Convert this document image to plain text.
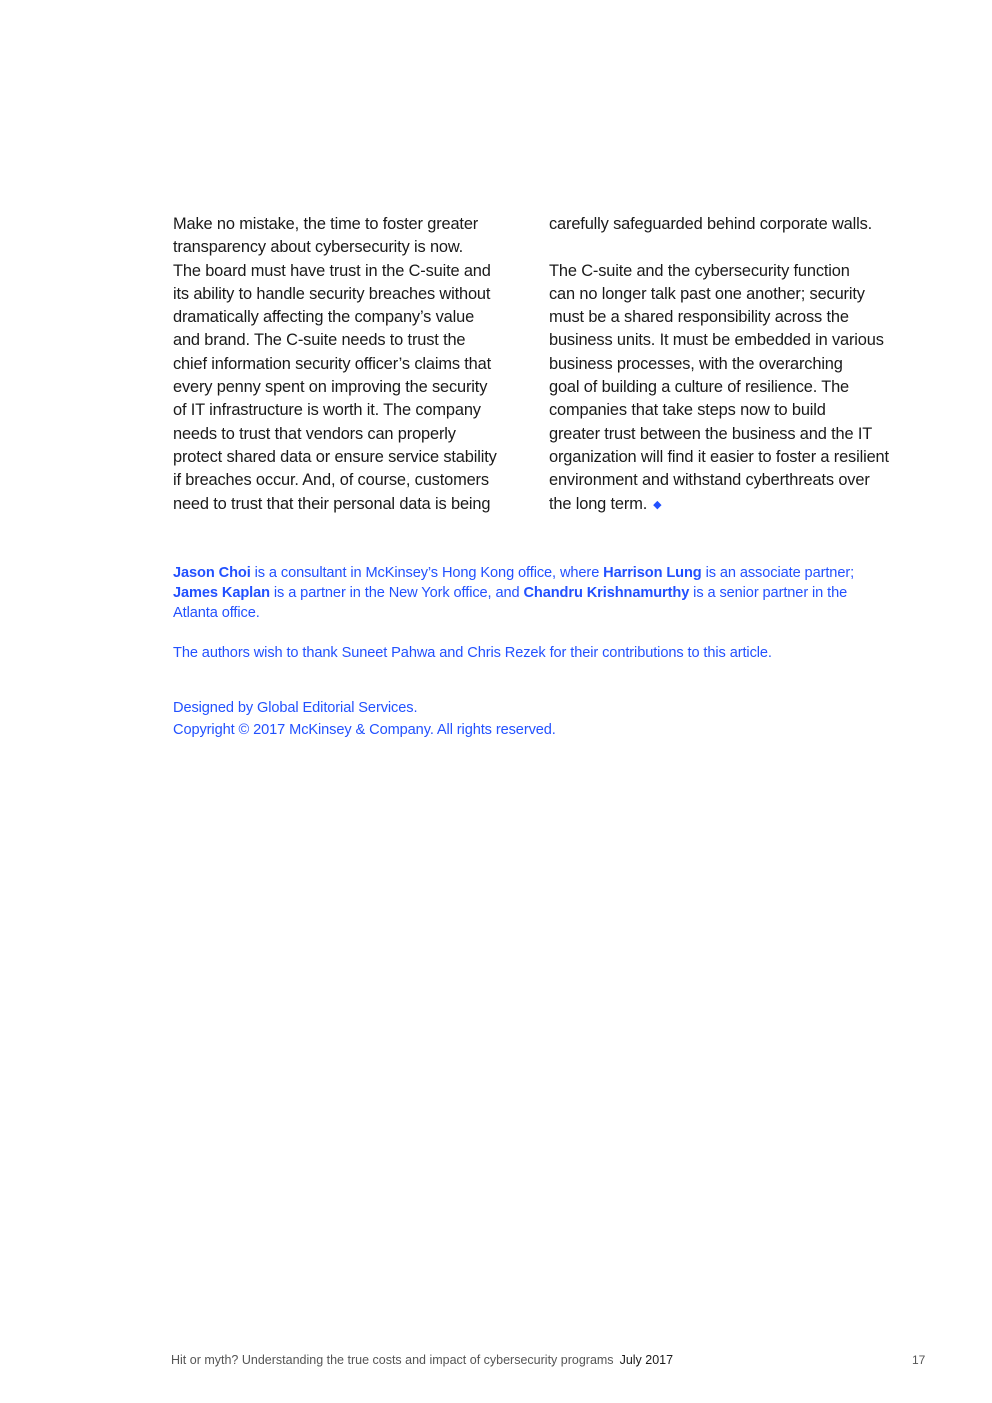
Make no mistake, the time to foster greater
transparency about cybersecurity is now.
The board must have trust in the C-suite and
its ability to handle security breaches without
dramatically affecting the company’s value
and brand. The C-suite needs to trust the
chief information security officer’s claims that
every penny spent on improving the security
of IT infrastructure is worth it. The company
needs to trust that vendors can properly
protect shared data or ensure service stability
if breaches occur. And, of course, customers
need to trust that their personal data is being

carefully safeguarded behind corporate walls.

The C-suite and the cybersecurity function
can no longer talk past one another; security
must be a shared responsibility across the
business units. It must be embedded in various
business processes, with the overarching
goal of building a culture of resilience. The
companies that take steps now to build
greater trust between the business and the IT
organization will find it easier to foster a resilient
environment and withstand cyberthreats over
the long term. ◆

Jason Choi is a consultant in McKinsey’s Hong Kong office, where Harrison Lung is an associate partner;
James Kaplan is a partner in the New York office, and Chandru Krishnamurthy is a senior partner in the
Atlanta office.

The authors wish to thank Suneet Pahwa and Chris Rezek for their contributions to this article.

Designed by Global Editorial Services.

Copyright © 2017 McKinsey & Company. All rights reserved.

Hit or myth? Understanding the true costs and impact of cybersecurity programs July 2017	17
